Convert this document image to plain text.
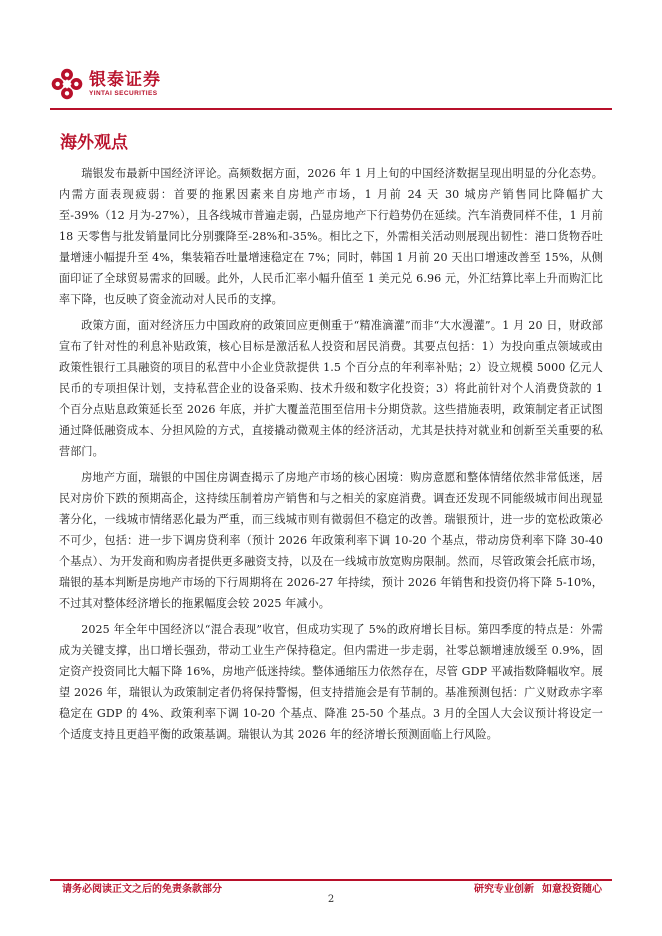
银泰证券
YINTAI SECURITIES
海外观点

瑞银发布最新中国经济评论。高频数据方面，2026 年 1 月上旬的中国经济数据呈现出明显的分化态势。内需方面表现疲弱：首要的拖累因素来自房地产市场，1 月前 24 天 30 城房产销售同比降幅扩大至-39%（12 月为-27%），且各线城市普遍走弱，凸显房地产下行趋势仍在延续。汽车消费同样不佳，1 月前 18 天零售与批发销量同比分别骤降至-28%和-35%。相比之下，外需相关活动则展现出韧性：港口货物吞吐量增速小幅提升至 4%，集装箱吞吐量增速稳定在 7%；同时，韩国 1 月前 20 天出口增速改善至 15%，从侧面印证了全球贸易需求的回暖。此外，人民币汇率小幅升值至 1 美元兑 6.96 元，外汇结算比率上升而购汇比率下降，也反映了资金流动对人民币的支撑。

政策方面，面对经济压力中国政府的政策回应更侧重于“精准滴灌”而非“大水漫灌”。1 月 20 日，财政部宣布了针对性的利息补贴政策，核心目标是激活私人投资和居民消费。其要点包括：1）为投向重点领域或由政策性银行工具融资的项目的私营中小企业贷款提供 1.5 个百分点的年利率补贴；2）设立规模 5000 亿元人民币的专项担保计划，支持私营企业的设备采购、技术升级和数字化投资；3）将此前针对个人消费贷款的 1 个百分点贴息政策延长至 2026 年底，并扩大覆盖范围至信用卡分期贷款。这些措施表明，政策制定者正试图通过降低融资成本、分担风险的方式，直接撬动微观主体的经济活动，尤其是扶持对就业和创新至关重要的私营部门。

房地产方面，瑞银的中国住房调查揭示了房地产市场的核心困境：购房意愿和整体情绪依然非常低迷，居民对房价下跌的预期高企，这持续压制着房产销售和与之相关的家庭消费。调查还发现不同能级城市间出现显著分化，一线城市情绪恶化最为严重，而三线城市则有微弱但不稳定的改善。瑞银预计，进一步的宽松政策必不可少，包括：进一步下调房贷利率（预计 2026 年政策利率下调 10-20 个基点，带动房贷利率下降 30-40 个基点）、为开发商和购房者提供更多融资支持，以及在一线城市放宽购房限制。然而，尽管政策会托底市场，瑞银的基本判断是房地产市场的下行周期将在 2026-27 年持续，预计 2026 年销售和投资仍将下降 5-10%，不过其对整体经济增长的拖累幅度会较 2025 年减小。

2025 年全年中国经济以“混合表现”收官，但成功实现了 5%的政府增长目标。第四季度的特点是：外需成为关键支撑，出口增长强劲，带动工业生产保持稳定。但内需进一步走弱，社零总额增速放缓至 0.9%，固定资产投资同比大幅下降 16%，房地产低迷持续。整体通缩压力依然存在，尽管 GDP 平减指数降幅收窄。展望 2026 年，瑞银认为政策制定者仍将保持警惕，但支持措施会是有节制的。基准预测包括：广义财政赤字率稳定在 GDP 的 4%、政策利率下调 10-20 个基点、降准 25-50 个基点。3 月的全国人大会议预计将设定一个适度支持且更趋平衡的政策基调。瑞银认为其 2026 年的经济增长预测面临上行风险。

请务必阅读正文之后的免责条款部分	研究专业创新 如意投资随心
2
